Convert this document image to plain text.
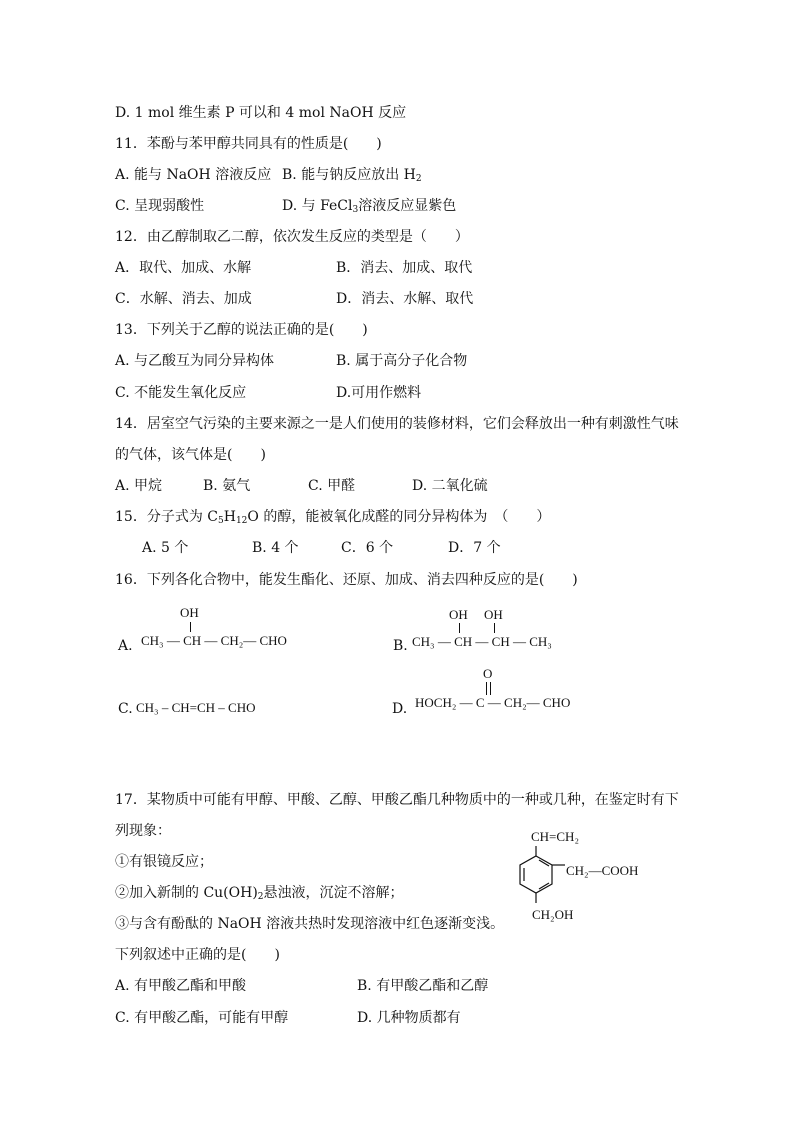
D. 1 mol 维生素 P 可以和 4 mol NaOH 反应
11．苯酚与苯甲醇共同具有的性质是(　　)
A. 能与 NaOH 溶液反应 B. 能与钠反应放出 $H_2$
C. 呈现弱酸性	D. 与 FeCl$_3$溶液反应显紫色
12．由乙醇制取乙二醇，依次发生反应的类型是（　　）
A．取代、加成、水解	B．消去、加成、取代
C．水解、消去、加成	D．消去、水解、取代
13．下列关于乙醇的说法正确的是(　　)
A. 与乙酸互为同分异构体	B. 属于高分子化合物
C. 不能发生氧化反应	D.可用作燃料
14．居室空气污染的主要来源之一是人们使用的装修材料，它们会释放出一种有刺激性气味
的气体，该气体是(　　)
A. 甲烷	B. 氨气	C. 甲醛	D. 二氧化硫
15．分子式为 $C_5H_{12}O$ 的醇，能被氧化成醛的同分异构体为　（　　）
A. 5 个	B. 4 个	C．6 个	D．7 个
16．下列各化合物中，能发生酯化、还原、加成、消去四种反应的是(　　)
A.
OH
CH₃ — CH — CH₂— CHO	B.
OH OH
CH₃ — CH — CH — CH₃
C. CH₃ – CH=CH – CHO	D.
O
HOCH₂ — C — CH₂— CHO
17．某物质中可能有甲醇、甲酸、乙醇、甲酸乙酯几种物质中的一种或几种，在鉴定时有下
列现象：
①有银镜反应；
②加入新制的 $Cu(OH)_2$悬浊液，沉淀不溶解；
③与含有酚酞的 NaOH 溶液共热时发现溶液中红色逐渐变浅。
下列叙述中正确的是(　　)
A. 有甲酸乙酯和甲酸	B. 有甲酸乙酯和乙醇
C. 有甲酸乙酯，可能有甲醇	D. 几种物质都有
CH=CH₂
CH₂—COOH
CH₂OH
